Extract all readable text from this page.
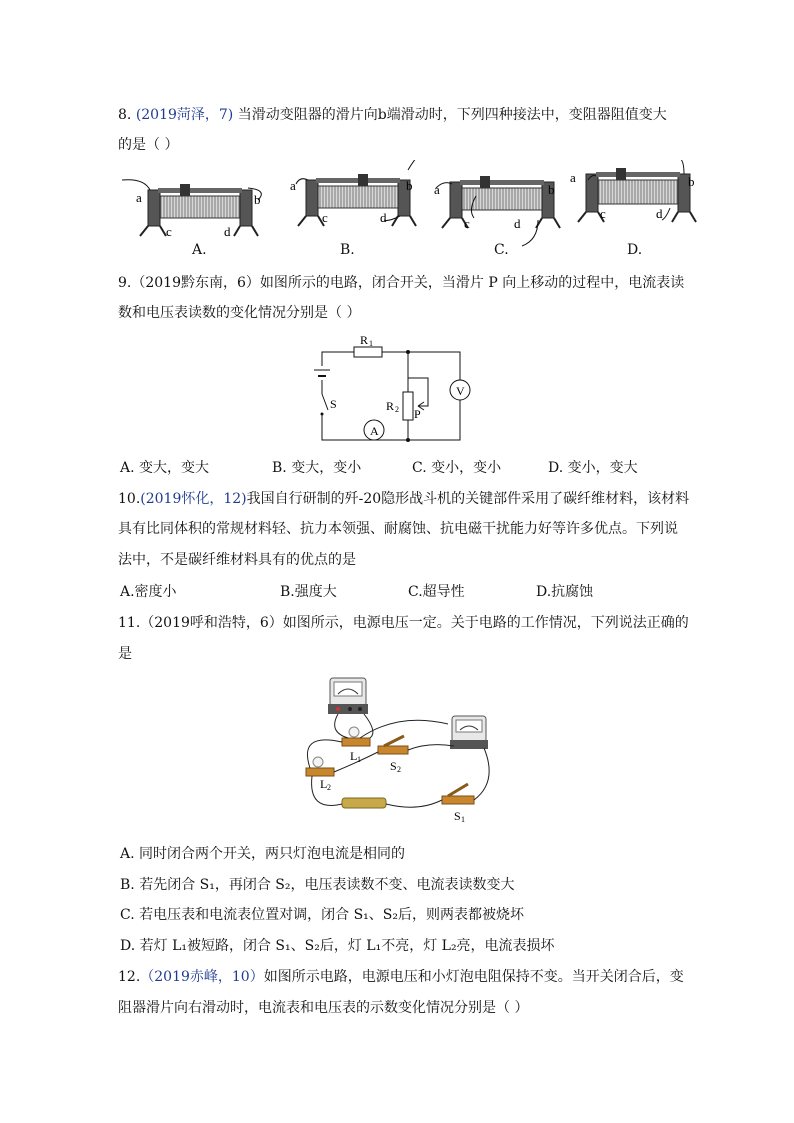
8. (2019菏泽，7) 当滑动变阻器的滑片向b端滑动时，下列四种接法中，变阻器阻值变大
的是（ ）
a	b
c	d
a	b
c	d
a	b
c	d
a	b
c	d
A.	B.	C.	D.
9.（2019黔东南，6）如图所示的电路，闭合开关，当滑片 P 向上移动的过程中，电流表读
数和电压表读数的变化情况分别是（ ）
R 1
R 2 P
S
V
A
A. 变大，变大	B. 变大，变小	C. 变小，变小	D. 变小，变大
10.(2019怀化，12)我国自行研制的歼-20隐形战斗机的关键部件采用了碳纤维材料，该材料
具有比同体积的常规材料轻、抗力本领强、耐腐蚀、抗电磁干扰能力好等许多优点。下列说
法中，不是碳纤维材料具有的优点的是
A.密度小	B.强度大	C.超导性	D.抗腐蚀
11.（2019呼和浩特，6）如图所示，电源电压一定。关于电路的工作情况，下列说法正确的
是
L 1 S 2
L 2
S 1
A. 同时闭合两个开关，两只灯泡电流是相同的
B. 若先闭合 S₁，再闭合 S₂，电压表读数不变、电流表读数变大
C. 若电压表和电流表位置对调，闭合 S₁、S₂后，则两表都被烧坏
D. 若灯 L₁被短路，闭合 S₁、S₂后，灯 L₁不亮，灯 L₂亮，电流表损坏
12.（2019赤峰，10）如图所示电路，电源电压和小灯泡电阻保持不变。当开关闭合后，变
阻器滑片向右滑动时，电流表和电压表的示数变化情况分别是（ ）
